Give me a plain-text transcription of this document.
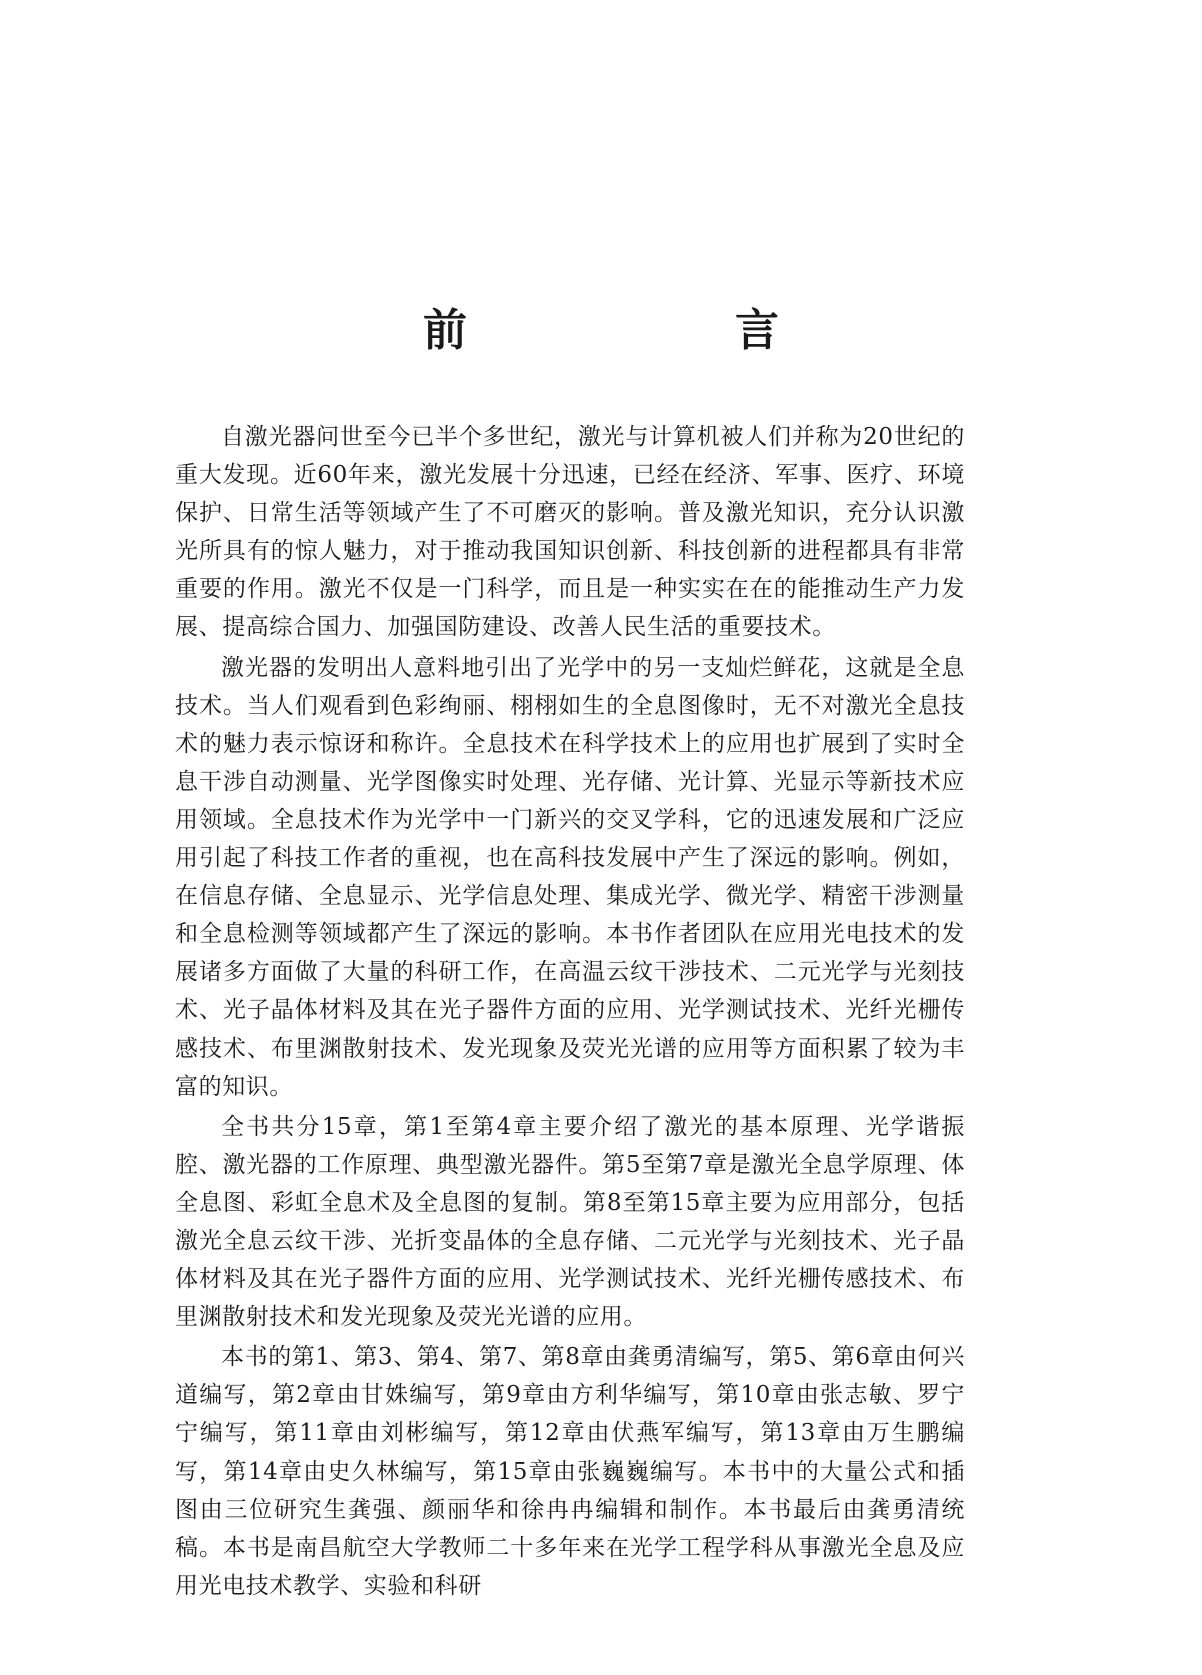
前　　言

自激光器问世至今已半个多世纪，激光与计算机被人们并称为20世纪的重大发现。近60年来，激光发展十分迅速，已经在经济、军事、医疗、环境保护、日常生活等领域产生了不可磨灭的影响。普及激光知识，充分认识激光所具有的惊人魅力，对于推动我国知识创新、科技创新的进程都具有非常重要的作用。激光不仅是一门科学，而且是一种实实在在的能推动生产力发展、提高综合国力、加强国防建设、改善人民生活的重要技术。

激光器的发明出人意料地引出了光学中的另一支灿烂鲜花，这就是全息技术。当人们观看到色彩绚丽、栩栩如生的全息图像时，无不对激光全息技术的魅力表示惊讶和称许。全息技术在科学技术上的应用也扩展到了实时全息干涉自动测量、光学图像实时处理、光存储、光计算、光显示等新技术应用领域。全息技术作为光学中一门新兴的交叉学科，它的迅速发展和广泛应用引起了科技工作者的重视，也在高科技发展中产生了深远的影响。例如，在信息存储、全息显示、光学信息处理、集成光学、微光学、精密干涉测量和全息检测等领域都产生了深远的影响。本书作者团队在应用光电技术的发展诸多方面做了大量的科研工作，在高温云纹干涉技术、二元光学与光刻技术、光子晶体材料及其在光子器件方面的应用、光学测试技术、光纤光栅传感技术、布里渊散射技术、发光现象及荧光光谱的应用等方面积累了较为丰富的知识。

全书共分15章，第1至第4章主要介绍了激光的基本原理、光学谐振腔、激光器的工作原理、典型激光器件。第5至第7章是激光全息学原理、体全息图、彩虹全息术及全息图的复制。第8至第15章主要为应用部分，包括激光全息云纹干涉、光折变晶体的全息存储、二元光学与光刻技术、光子晶体材料及其在光子器件方面的应用、光学测试技术、光纤光栅传感技术、布里渊散射技术和发光现象及荧光光谱的应用。

本书的第1、第3、第4、第7、第8章由龚勇清编写，第5、第6章由何兴道编写，第2章由甘姝编写，第9章由方利华编写，第10章由张志敏、罗宁宁编写，第11章由刘彬编写，第12章由伏燕军编写，第13章由万生鹏编写，第14章由史久林编写，第15章由张巍巍编写。本书中的大量公式和插图由三位研究生龚强、颜丽华和徐冉冉编辑和制作。本书最后由龚勇清统稿。本书是南昌航空大学教师二十多年来在光学工程学科从事激光全息及应用光电技术教学、实验和科研
